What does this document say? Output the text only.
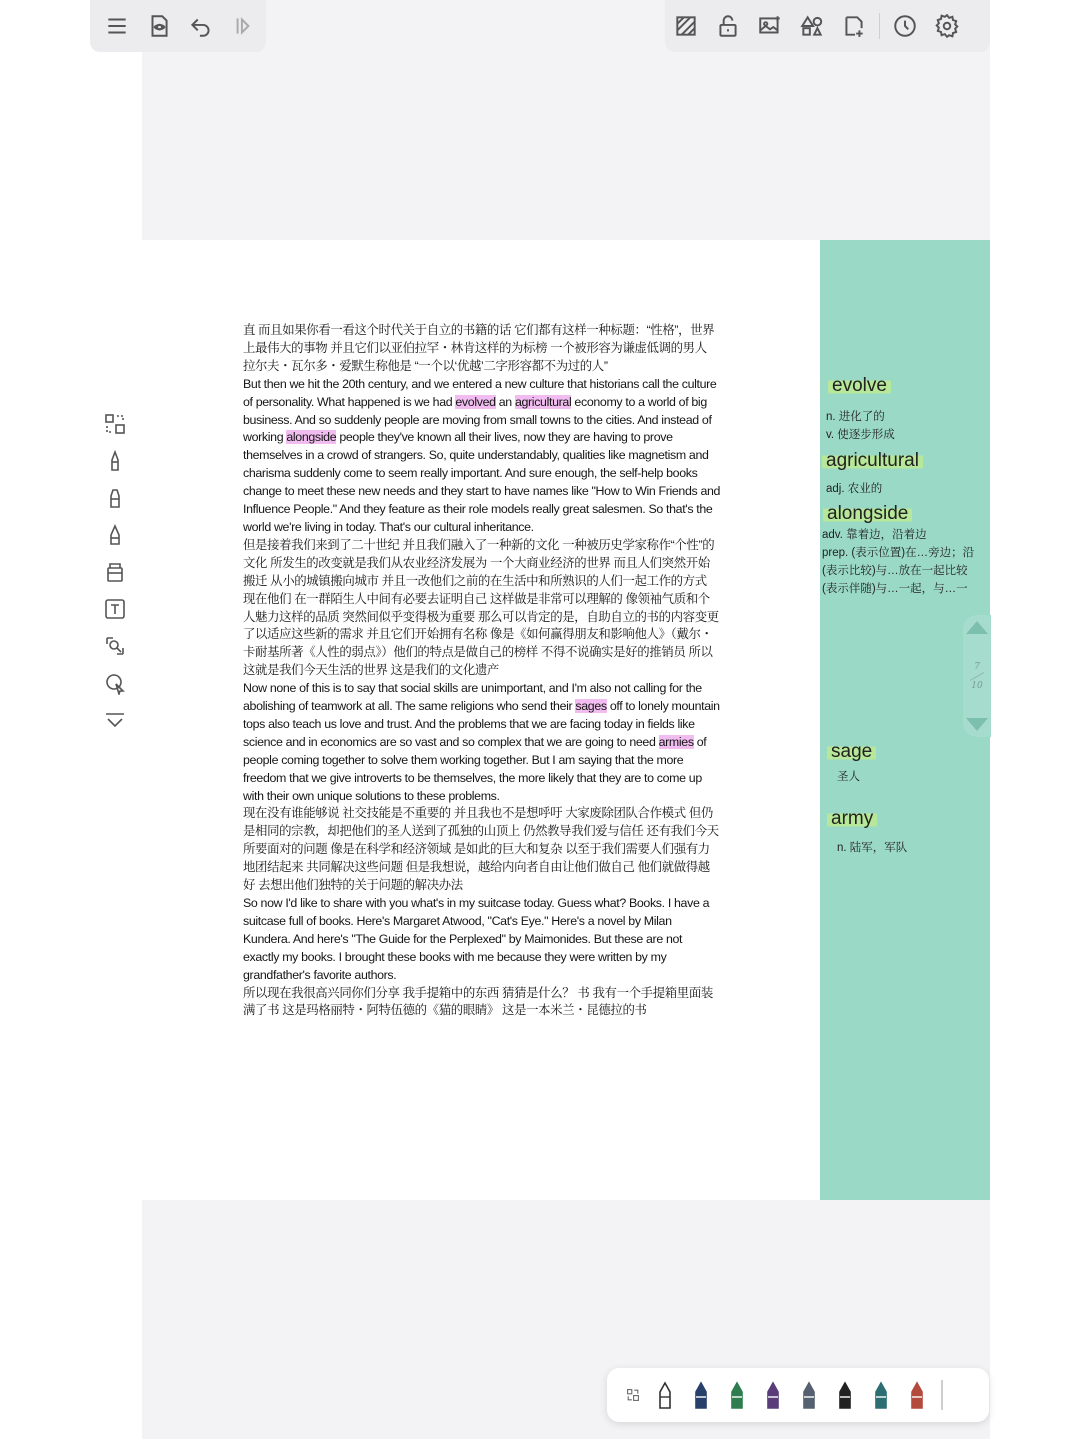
直 而且如果你看一看这个时代关于自立的书籍的话 它们都有这样一种标题：“性格”，世界上最伟大的事物 并且它们以亚伯拉罕・林肯这样的为标榜 一个被形容为谦虚低调的男人 拉尔夫・瓦尔多・爱默生称他是 “一个以‘优越’二字形容都不为过的人”

But then we hit the 20th century, and we entered a new culture that historians call the culture of personality. What happened is we had evolved an agricultural economy to a world of big business. And so suddenly people are moving from small towns to the cities. And instead of working alongside people they've known all their lives, now they are having to prove themselves in a crowd of strangers. So, quite understandably, qualities like magnetism and charisma suddenly come to seem really important. And sure enough, the self-help books change to meet these new needs and they start to have names like "How to Win Friends and Influence People." And they feature as their role models really great salesmen. So that's the world we're living in today. That's our cultural inheritance.

但是接着我们来到了二十世纪 并且我们融入了一种新的文化 一种被历史学家称作“个性”的文化 所发生的改变就是我们从农业经济发展为 一个大商业经济的世界 而且人们突然开始搬迁 从小的城镇搬向城市 并且一改他们之前的在生活中和所熟识的人们一起工作的方式 现在他们 在一群陌生人中间有必要去证明自己 这样做是非常可以理解的 像领袖气质和个人魅力这样的品质 突然间似乎变得极为重要 那么可以肯定的是，自助自立的书的内容变更了以适应这些新的需求 并且它们开始拥有名称 像是《如何赢得朋友和影响他人》（戴尔・卡耐基所著《人性的弱点》）他们的特点是做自己的榜样 不得不说确实是好的推销员 所以这就是我们今天生活的世界 这是我们的文化遗产

Now none of this is to say that social skills are unimportant, and I'm also not calling for the abolishing of teamwork at all. The same religions who send their sages off to lonely mountain tops also teach us love and trust. And the problems that we are facing today in fields like science and in economics are so vast and so complex that we are going to need armies of people coming together to solve them working together. But I am saying that the more freedom that we give introverts to be themselves, the more likely that they are to come up with their own unique solutions to these problems.

现在没有谁能够说 社交技能是不重要的 并且我也不是想呼吁 大家废除团队合作模式 但仍是相同的宗教，却把他们的圣人送到了孤独的山顶上 仍然教导我们爱与信任 还有我们今天所要面对的问题 像是在科学和经济领域 是如此的巨大和复杂 以至于我们需要人们强有力地团结起来 共同解决这些问题 但是我想说，越给内向者自由让他们做自己 他们就做得越好 去想出他们独特的关于问题的解决办法

So now I'd like to share with you what's in my suitcase today. Guess what? Books. I have a suitcase full of books. Here's Margaret Atwood, "Cat's Eye." Here's a novel by Milan Kundera. And here's "The Guide for the Perplexed" by Maimonides. But these are not exactly my books. I brought these books with me because they were written by my grandfather's favorite authors.

所以现在我很高兴同你们分享 我手提箱中的东西 猜猜是什么？ 书 我有一个手提箱里面装满了书 这是玛格丽特・阿特伍德的《猫的眼睛》 这是一本米兰・昆德拉的书

evolve
n. 进化了的
v. 使逐步形成
agricultural
adj. 农业的
alongside
adv. 靠着边，沿着边
prep. (表示位置)在…旁边；沿
(表示比较)与…放在一起比较
(表示伴随)与…一起，与…一
sage
圣人
army
n. 陆军，军队
7
10
